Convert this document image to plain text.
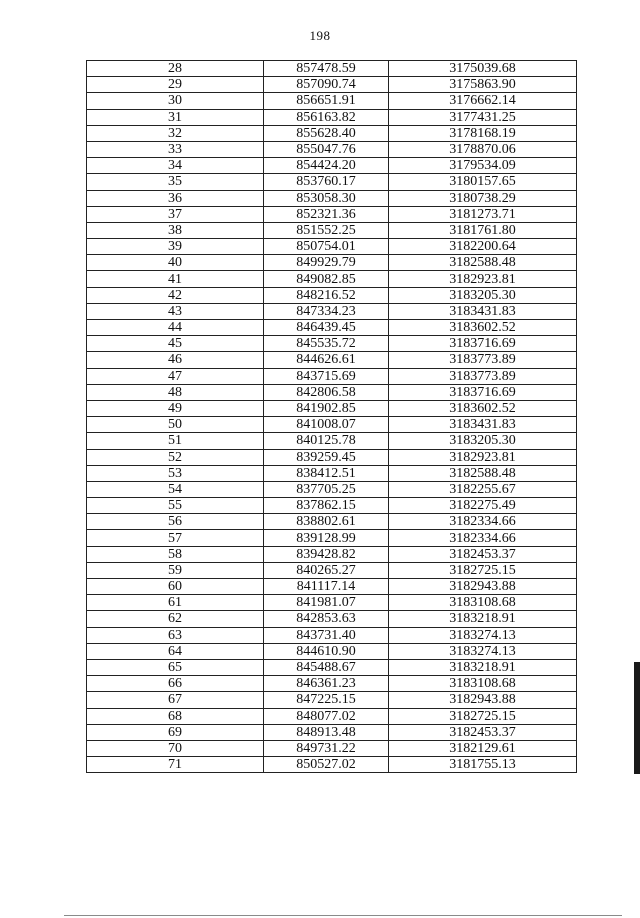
198
28	857478.59	3175039.68
29	857090.74	3175863.90
30	856651.91	3176662.14
31	856163.82	3177431.25
32	855628.40	3178168.19
33	855047.76	3178870.06
34	854424.20	3179534.09
35	853760.17	3180157.65
36	853058.30	3180738.29
37	852321.36	3181273.71
38	851552.25	3181761.80
39	850754.01	3182200.64
40	849929.79	3182588.48
41	849082.85	3182923.81
42	848216.52	3183205.30
43	847334.23	3183431.83
44	846439.45	3183602.52
45	845535.72	3183716.69
46	844626.61	3183773.89
47	843715.69	3183773.89
48	842806.58	3183716.69
49	841902.85	3183602.52
50	841008.07	3183431.83
51	840125.78	3183205.30
52	839259.45	3182923.81
53	838412.51	3182588.48
54	837705.25	3182255.67
55	837862.15	3182275.49
56	838802.61	3182334.66
57	839128.99	3182334.66
58	839428.82	3182453.37
59	840265.27	3182725.15
60	841117.14	3182943.88
61	841981.07	3183108.68
62	842853.63	3183218.91
63	843731.40	3183274.13
64	844610.90	3183274.13
65	845488.67	3183218.91
66	846361.23	3183108.68
67	847225.15	3182943.88
68	848077.02	3182725.15
69	848913.48	3182453.37
70	849731.22	3182129.61
71	850527.02	3181755.13
